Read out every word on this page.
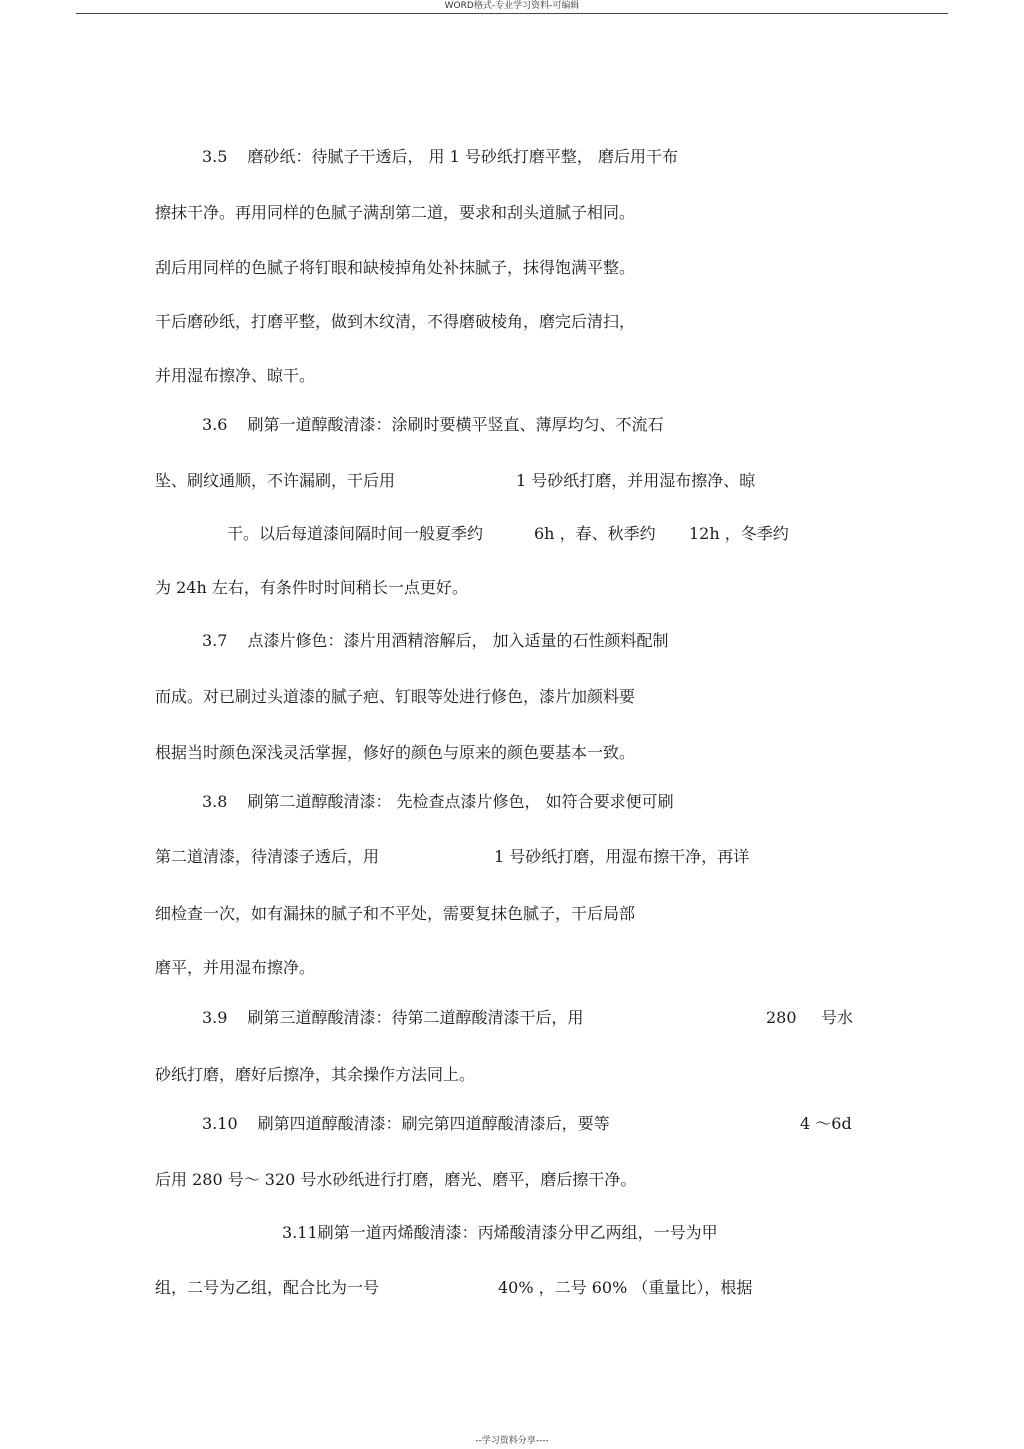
WORD格式-专业学习资料-可编辑
3.5 磨砂纸：待腻子干透后， 用 1 号砂纸打磨平整， 磨后用干布
擦抹干净。再用同样的色腻子满刮第二道，要求和刮头道腻子相同。
刮后用同样的色腻子将钉眼和缺棱掉角处补抹腻子，抹得饱满平整。
干后磨砂纸，打磨平整，做到木纹清，不得磨破棱角，磨完后清扫，
并用湿布擦净、晾干。
3.6 刷第一道醇酸清漆：涂刷时要横平竖直、薄厚均匀、不流石
坠、刷纹通顺，不许漏刷，干后用	1 号砂纸打磨，并用湿布擦净、晾
干。以后每道漆间隔时间一般夏季约	6h ，春、秋季约 12h ，冬季约
为 24h 左右，有条件时时间稍长一点更好。
3.7 点漆片修色：漆片用酒精溶解后， 加入适量的石性颜料配制
而成。对已刷过头道漆的腻子疤、钉眼等处进行修色，漆片加颜料要
根据当时颜色深浅灵活掌握，修好的颜色与原来的颜色要基本一致。
3.8 刷第二道醇酸清漆： 先检查点漆片修色， 如符合要求便可刷
第二道清漆，待清漆子透后，用	1 号砂纸打磨，用湿布擦干净，再详
细检查一次，如有漏抹的腻子和不平处，需要复抹色腻子，干后局部
磨平，并用湿布擦净。
3.9 刷第三道醇酸清漆：待第二道醇酸清漆干后，用	280 号水
砂纸打磨，磨好后擦净，其余操作方法同上。
3.10 刷第四道醇酸清漆：刷完第四道醇酸清漆后，要等	4 ～6d
后用 280 号～ 320 号水砂纸进行打磨，磨光、磨平，磨后擦干净。
3.11刷第一道丙烯酸清漆：丙烯酸清漆分甲乙两组，一号为甲
组，二号为乙组，配合比为一号	40% ，二号 60% （重量比），根据
--学习资料分享----
